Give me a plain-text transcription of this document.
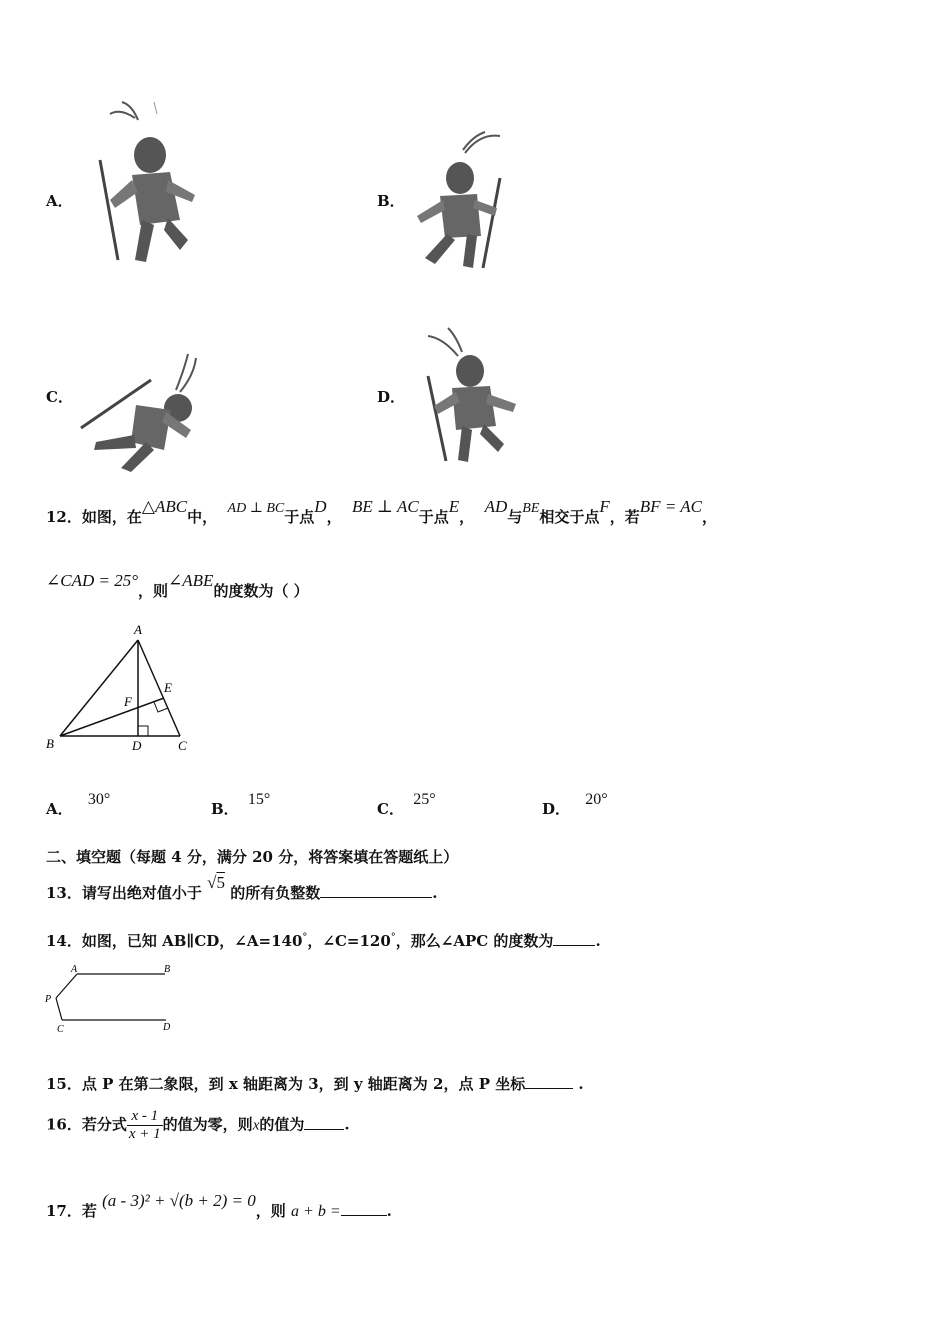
A．	B．
C．	D．
12．如图，在△ABC中， AD ⊥ BC于点D，  BE ⊥ AC于点E，  AD与BE相交于点F，若BF = AC，
∠CAD = 25°，则∠ABE的度数为（ ）
A
B	C
D
E
F
A． 30°
B． 15°
C． 25°
D． 20°
二、填空题（每题 4 分，满分 20 分，将答案填在答题纸上）
13．请写出绝对值小于 √5 的所有负整数	.
14．如图，已知 AB∥CD，∠A=140°，∠C=120°，那么∠APC 的度数为	.
A	B
P
C	D
15．点 P 在第二象限，到 x 轴距离为 3，到 y 轴距离为 2，点 P 坐标	.
16．若分式 $\frac{x - 1}{x + 1}$ 的值为零，则x的值为	.
17．若 (a - 3)² + √(b + 2) = 0，则 a + b =	.
